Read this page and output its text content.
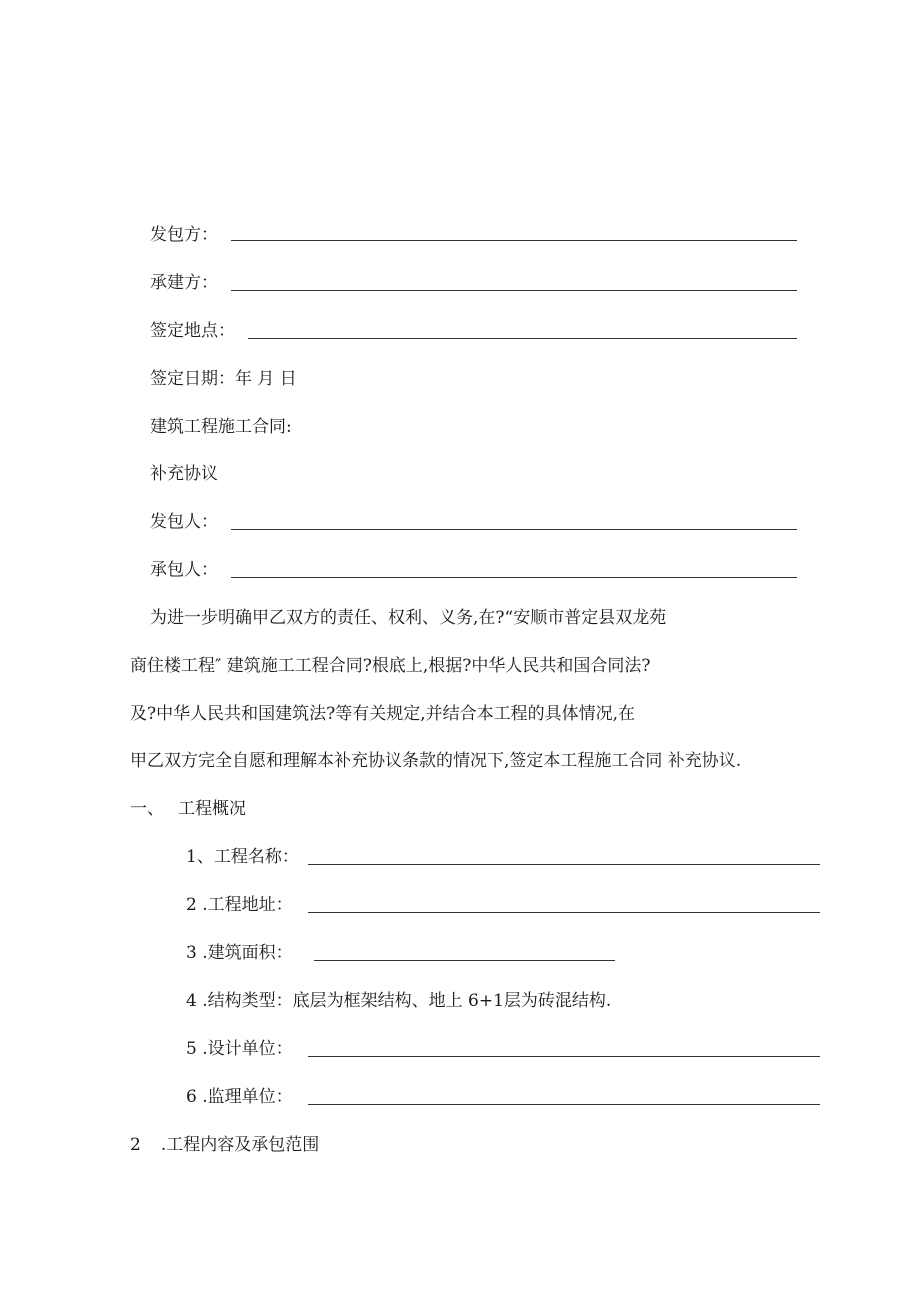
发包方：
承建方：
签定地点：
签定日期：年 月 日
建筑工程施工合同:
补充协议
发包人：
承包人：
为进一步明确甲乙双方的责任、权利、义务,在?“安顺市普定县双龙苑
商住楼工程″ 建筑施工工程合同?根底上,根据?中华人民共和国合同法?
及?中华人民共和国建筑法?等有关规定,并结合本工程的具体情况,在
甲乙双方完全自愿和理解本补充协议条款的情况下,签定本工程施工合同 补充协议.
一、 工程概况
1、工程名称：
2 .工程地址：
3 .建筑面积：
4 .结构类型：底层为框架结构、地上 6+1层为砖混结构.
5 .设计单位：
6 .监理单位：
2 .工程内容及承包范围
